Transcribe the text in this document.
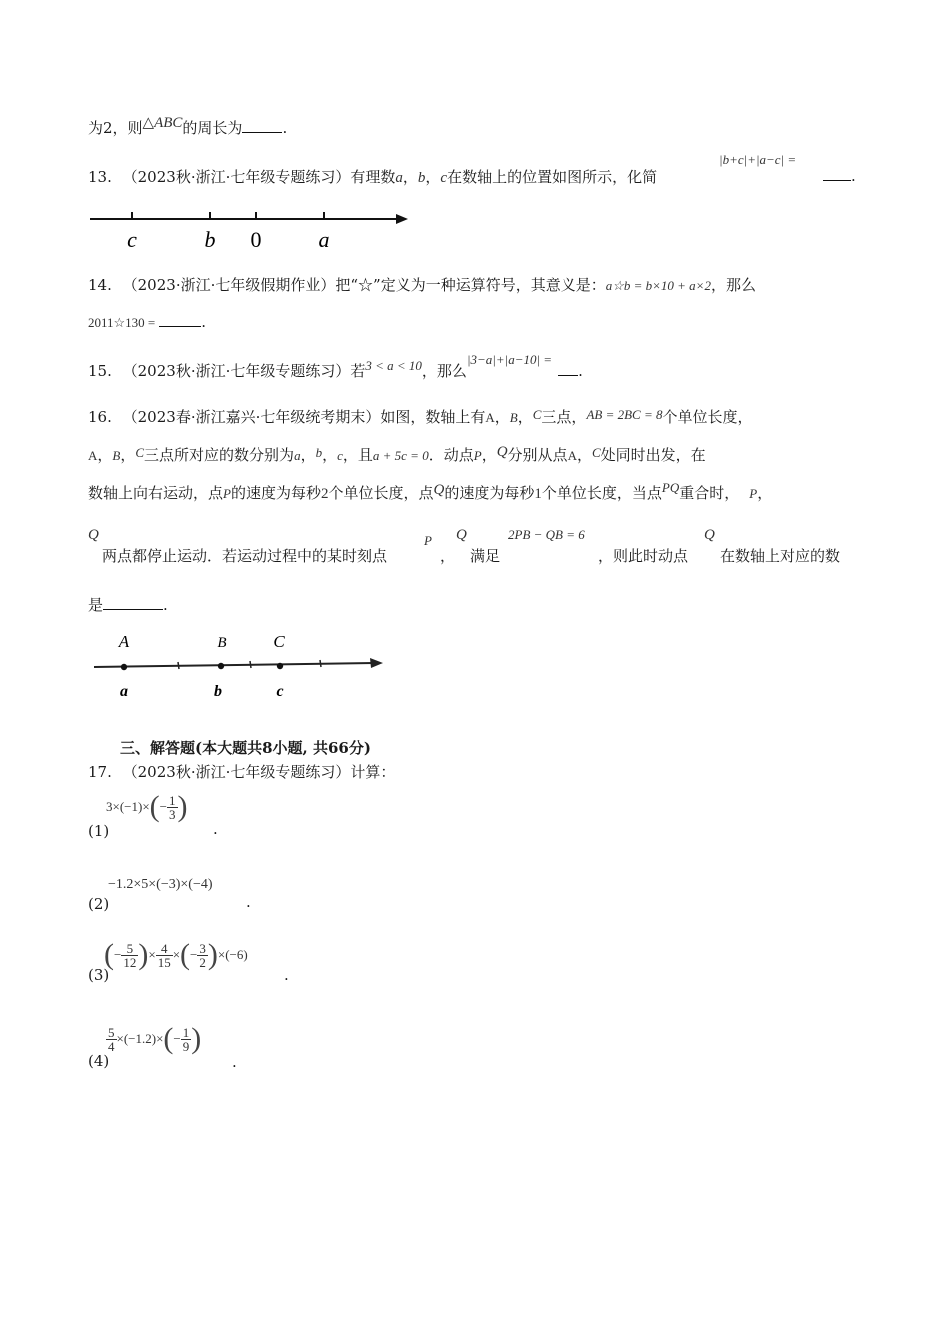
为2，则△ABC的周长为	.
13. （2023秋·浙江·七年级专题练习）有理数a，b，c在数轴上的位置如图所示，化简
|b+c|+|a−c| =
.
c	b 0	a
14. （2023·浙江·七年级假期作业）把“☆”定义为一种运算符号，其意义是：a☆b = b×10 + a×2，那么
2011☆130 =	.
15. （2023秋·浙江·七年级专题练习）若3 < a < 10，那么|3−a|+|a−10| =.
16. （2023春·浙江嘉兴·七年级统考期末）如图，数轴上有A，B，C三点，AB = 2BC = 8个单位长度，
A，B，C三点所对应的数分别为a，b，c，且a + 5c = 0．动点P，Q分别从点A，C处同时出发，在
数轴上向右运动，点P的速度为每秒2个单位长度，点Q的速度为每秒1个单位长度，当点PQ重合时， P，
Q
两点都停止运动．若运动过程中的某时刻点
P
，
Q
满足
2PB − QB = 6
，则此时动点
Q
在数轴上对应的数
是	.
A	B	C
a	b	c
三、解答题(本大题共8小题, 共66分)
17. （2023秋·浙江·七年级专题练习）计算：
(1)
$3\times(-1)\times(- \frac{1}{3}$ )
.
(2)
−1.2×5×(−3)×(−4)
.
(3)
(− $\frac{5}{12}$ )× $\frac{4}{15}$ ×(− $\frac{3}{2} )\times(-6)$
.
(4)
$\frac{5}{4} \times(-1.2)\times(- \frac{1}{9}$ )
.
